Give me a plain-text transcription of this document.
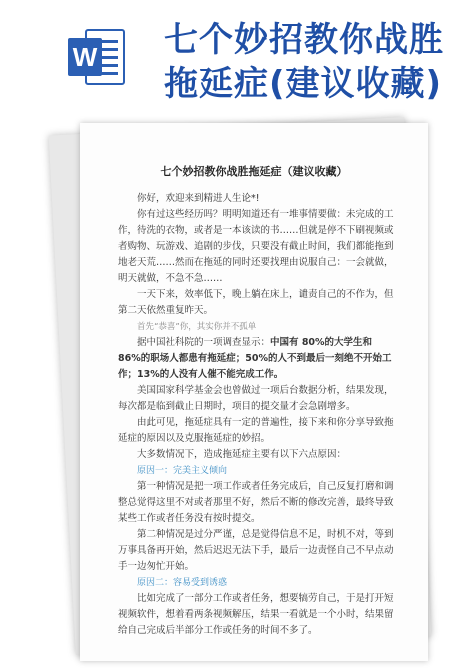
W 七个妙招教你战胜
拖延症(建议收藏)
七个妙招教你战胜拖延症（建议收藏）

你好，欢迎来到精进人生论*!

你有过这些经历吗？明明知道还有一堆事情要做：未完成的工作，待洗的衣物，或者是一本该读的书……但就是停不下刷视频或者购物、玩游戏、追剧的步伐，只要没有截止时间，我们都能拖到地老天荒……然而在拖延的同时还要找理由说服自己：一会就做，明天就做，不急不急……

一天下来，效率低下，晚上躺在床上，谴责自己的不作为，但第二天依然重复昨天。

首先“恭喜”你，其实你并不孤单

据中国社科院的一项调查显示：中国有 80%的大学生和 86%的职场人都患有拖延症；50%的人不到最后一刻绝不开始工作；13%的人没有人催不能完成工作。

美国国家科学基金会也曾做过一项后台数据分析，结果发现，每次都是临到截止日期时，项目的提交量才会急剧增多。

由此可见，拖延症具有一定的普遍性，接下来和你分享导致拖延症的原因以及克服拖延症的妙招。

大多数情况下，造成拖延症主要有以下六点原因：

原因一：完美主义倾向

第一种情况是把一项工作或者任务完成后，自己反复打磨和调整总觉得这里不对或者那里不好，然后不断的修改完善，最终导致某些工作或者任务没有按时提交。

第二种情况是过分严谨，总是觉得信息不足，时机不对，等到万事具备再开始，然后迟迟无法下手，最后一边责怪自己不早点动手一边匆忙开始。

原因二：容易受到诱惑

比如完成了一部分工作或者任务，想要犒劳自己，于是打开短视频软件，想着看两条视频解压，结果一看就是一个小时，结果留给自己完成后半部分工作或任务的时间不多了。
